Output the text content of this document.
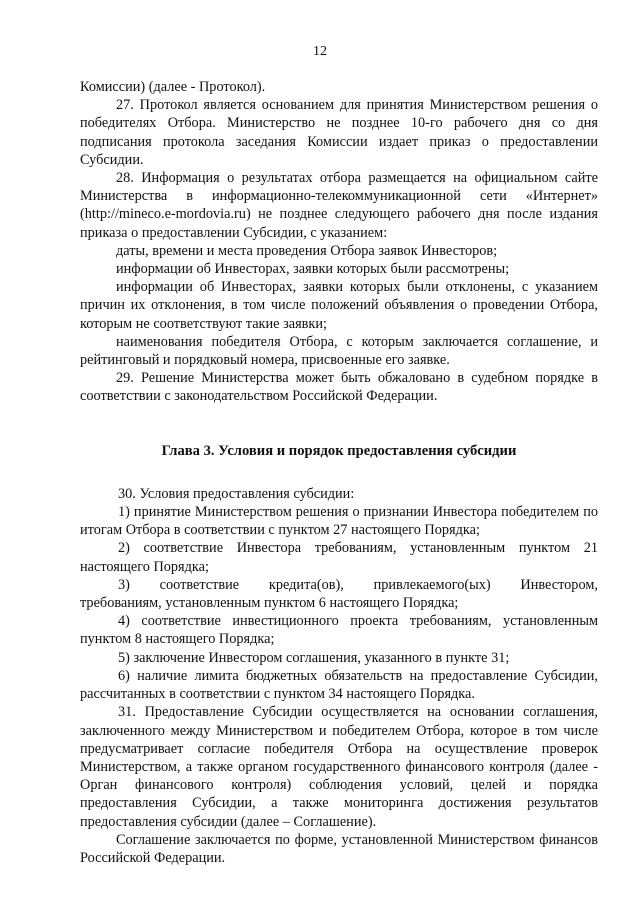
12

Комиссии) (далее - Протокол).

27. Протокол является основанием для принятия Министерством решения о победителях Отбора. Министерство не позднее 10-го рабочего дня со дня подписания протокола заседания Комиссии издает приказ о предоставлении Субсидии.

28. Информация о результатах отбора размещается на официальном сайте Министерства в информационно-телекоммуникационной сети «Интернет» (http://mineco.e-mordovia.ru) не позднее следующего рабочего дня после издания приказа о предоставлении Субсидии, с указанием:

даты, времени и места проведения Отбора заявок Инвесторов;

информации об Инвесторах, заявки которых были рассмотрены;

информации об Инвесторах, заявки которых были отклонены, с указанием причин их отклонения, в том числе положений объявления о проведении Отбора, которым не соответствуют такие заявки;

наименования победителя Отбора, с которым заключается соглашение, и рейтинговый и порядковый номера, присвоенные его заявке.

29. Решение Министерства может быть обжаловано в судебном порядке в соответствии с законодательством Российской Федерации.

Глава 3. Условия и порядок предоставления субсидии

30. Условия предоставления субсидии:

1) принятие Министерством решения о признании Инвестора победителем по итогам Отбора в соответствии с пунктом 27 настоящего Порядка;

2) соответствие Инвестора требованиям, установленным пунктом 21 настоящего Порядка;

3) соответствие кредита(ов), привлекаемого(ых) Инвестором,

требованиям, установленным пунктом 6 настоящего Порядка;

4) соответствие инвестиционного проекта требованиям, установленным пунктом 8 настоящего Порядка;

5) заключение Инвестором соглашения, указанного в пункте 31;

6) наличие лимита бюджетных обязательств на предоставление Субсидии, рассчитанных в соответствии с пунктом 34 настоящего Порядка.

31. Предоставление Субсидии осуществляется на основании соглашения, заключенного между Министерством и победителем Отбора, которое в том числе предусматривает согласие победителя Отбора на осуществление проверок Министерством, а также органом государственного финансового контроля (далее - Орган финансового контроля) соблюдения условий, целей и порядка предоставления Субсидии, а также мониторинга достижения результатов предоставления субсидии (далее – Соглашение).

Соглашение заключается по форме, установленной Министерством финансов Российской Федерации.
